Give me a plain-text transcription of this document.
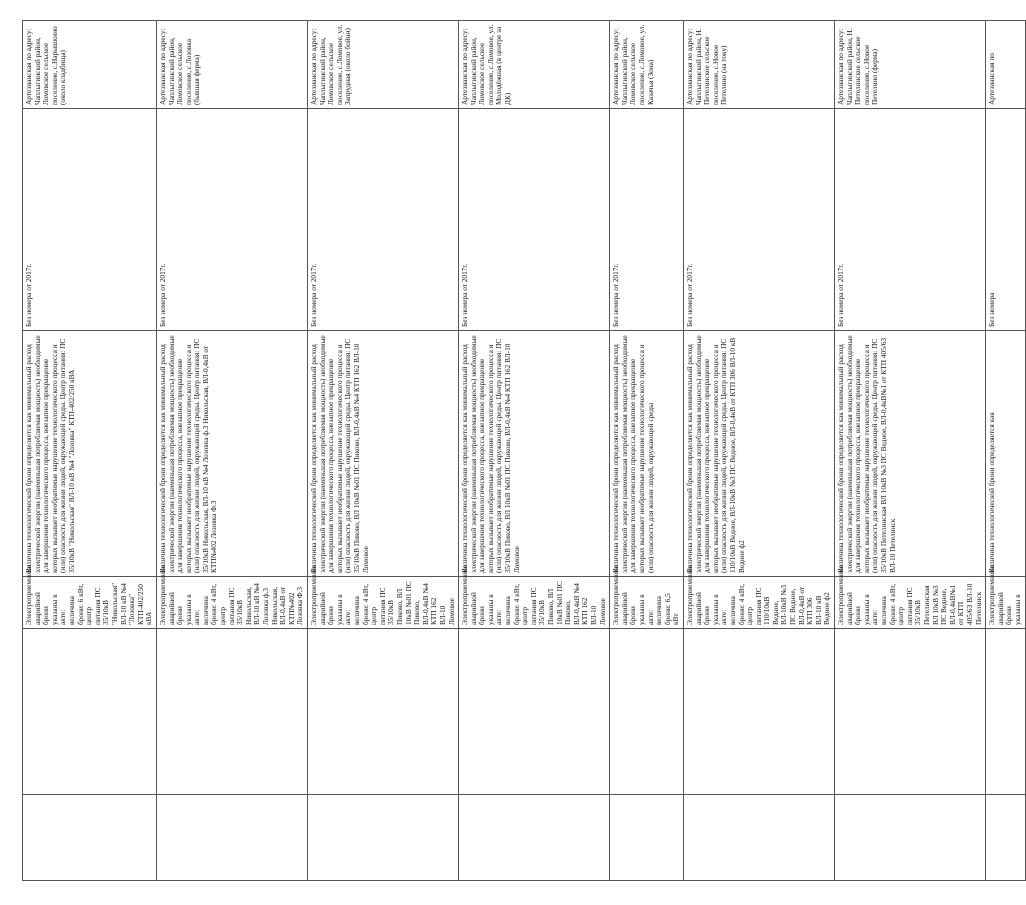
		Электроприемники аварийной брони указаны в акте: величина брони: 6 кВт, центр питания ПС 35/10кВ "Никольская" ВЛ-10 кВ №4 "Лозовка" КТП-402/250 кВА	Величина технологической брони определяется как минимальный расход электрической энергии (наименьшая потребляемая мощность) необходимые для завершения технологического процесса, внезапное прекращение которых вызывает необратимые нарушение технологического процесса и (или) опасность для жизни людей, окружающей среды. Центр питания: ПС 35/10кВ "Никольская" ВЛ-10 кВ №4 "Лозовка" КТП-402/250 кВА	Без номера от 2017г.	Артезианская по адресу: Чаплыгинский район, Ломовское сельское поселение, с.Нарышкино (около кладбища)
		Электроприемники аварийной брони указаны в акте: величина брони: 4 кВт, центр питания ПС 35/10кВ Никольская, ВЛ-10 кВ №4 Лозовка ф.3 Никольская, ВЛ-0,4кВ от КТП№402 Лозовка Ф.3	Величина технологической брони определяется как минимальный расход электрической энергии (наименьшая потребляемая мощность) необходимые для завершения технологического процесса, внезапное прекращение которых вызывает необратимые нарушение технологического процесса и (или) опасность для жизни людей, окружающей среды. Центр питания: ПС 35/10кВ Никольская, ВЛ-10 кВ №4 Лозовка ф.3 Никольская, ВЛ-0,4кВ от КТП№402 Лозовка Ф.3	Без номера от 2017г.	Артезианская по адресу: Чаплыгинский район, Ломовское сельское поселение, с.Лозовка (бывшая ферма)
		Электроприемники аварийной брони указаны в акте: величина брони: 4 кВт, центр питания ПС 35/10кВ Пиково, ВЛ 10кВ №01 ПС Пиково, ВЛ-0,4кВ №4 КТП 162 ВЛ-10 Ломовое	Величина технологической брони определяется как минимальный расход электрической энергии (наименьшая потребляемая мощность) необходимые для завершения технологического процесса, внезапное прекращение которых вызывает необратимые нарушение технологического процесса и (или) опасность для жизни людей, окружающей среды. Центр питания: ПС 35/10кВ Пиково, ВЛ 10кВ №01 ПС Пиково, ВЛ-0,4кВ №4 КТП 162 ВЛ-10 Ломовое	Без номера от 2017г.	Артезианская по адресу: Чаплыгинский район, Ломовское сельское поселение, с.Ломовое, ул. Запрудная (около бойни)
		Электроприемники аварийной брони указаны в акте: величина брони: 4 кВт, центр питания ПС 35/10кВ Пиково, ВЛ 10кВ №01 ПС Пиково, ВЛ-0,4кВ №4 КТП 162 ВЛ-10 Ломовое	Величина технологической брони определяется как минимальный расход электрической энергии (наименьшая потребляемая мощность) необходимые для завершения технологического процесса, внезапное прекращение которых вызывает необратимые нарушение технологического процесса и (или) опасность для жизни людей, окружающей среды. Центр питания: ПС 35/10кВ Пиково, ВЛ 10кВ №01 ПС Пиково, ВЛ-0,4кВ №4 КТП 162 ВЛ-10 Ломовое	Без номера от 2017г.	Артезианская по адресу: Чаплыгинский район, Ломовское сельское поселение, с.Ломовое, ул. Молодёжная (в центре за ДК)
		Электроприемники аварийной брони указаны в акте: величина брони: 6,5 кВт	Величина технологической брони определяется как минимальный расход электрической энергии (наименьшая потребляемая мощность) необходимые для завершения технологического процесса, внезапное прекращение которых вызывает необратимые нарушение технологического процесса и (или) опасность для жизни людей, окружающей среды	Без номера от 2017г.	Артезианская по адресу: Чаплыгинский район, Ломовское сельское поселение, с.Ломовое, ул. Казачья (Зона)
		Электроприемники аварийной брони указаны в акте: величина брони: 4 кВт, центр питания ПС 110/10кВ Ведное, ВЛ-10кВ №3 ПС Ведное, ВЛ-0,4кВ от КТП 306 ВЛ-10 кВ Ведное ф2	Величина технологической брони определяется как минимальный расход электрической энергии (наименьшая потребляемая мощность) необходимые для завершения технологического процесса, внезапное прекращение которых вызывает необратимые нарушение технологического процесса и (или) опасность для жизни людей, окружающей среды. Центр питания: ПС 110/10кВ Ведное, ВЛ-10кВ №3 ПС Ведное, ВЛ-0,4кВ от КТП 306 ВЛ-10 кВ Ведное ф2	Без номера от 2017г.	Артезианская по адресу: Чаплыгинский район, Н. Петелинское сельское поселение, с.Новое Петелино (на току)
		Электроприемники аварийной брони указаны в акте: величина брони: 4 кВт, центр питания ПС 35/10кВ Петелинская ВЛ 10кВ №3 ПС Ведное, ВЛ-0,4кВ№1 от КТП 405/63 ВЛ-10 Петелинск	Величина технологической брони определяется как минимальный расход электрической энергии (наименьшая потребляемая мощность) необходимые для завершения технологического процесса, внезапное прекращение которых вызывает необратимые нарушение технологического процесса и (или) опасность для жизни людей, окружающей среды. Центр питания: ПС 35/10кВ Петелинская ВЛ 10кВ №3 ПС Ведное, ВЛ-0,4кВ№1 от КТП 405/63 ВЛ-10 Петелинск	Без номера от 2017г.	Артезианская по адресу: Чаплыгинский район, Н. Петелинское сельское поселение, с.Новое Петелино (ферма)
		Электроприемники аварийной брони указаны в	Величина технологической брони определяется как	Без номера	Артезианская по
